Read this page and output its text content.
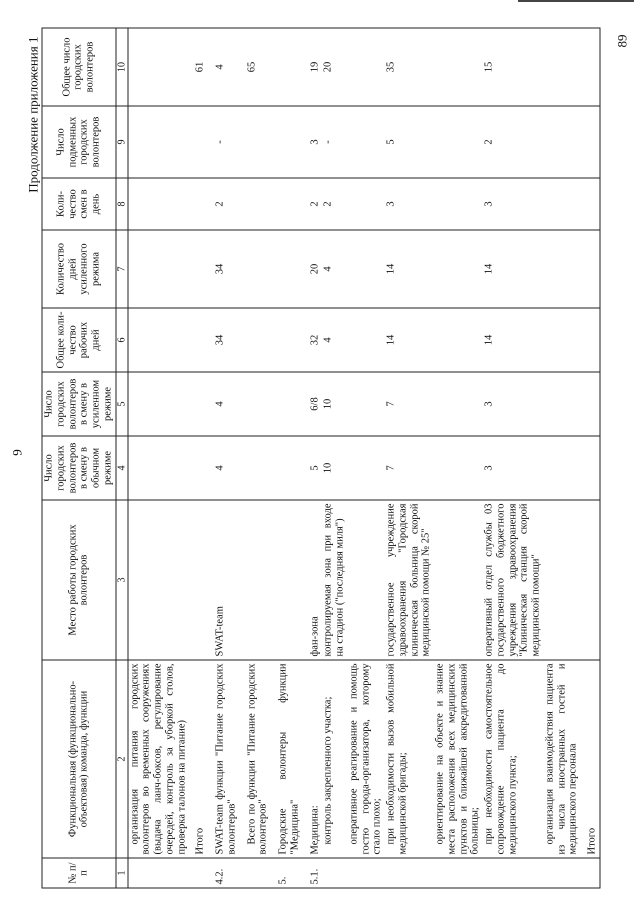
9
Продолжение приложения 1
№ п/п	Функциональная (функционально-объектовая) команда, функции	Место работы городских волонтеров	Число городских волонтеров в смену в обычном режиме	Число городских волонтеров в смену в усиленном режиме	Общее коли-чество рабочих дней	Количество дней усиленного режима	Коли-чество смен в день	Число подменных городских волонтеров	Общее число городских волонтеров
1	2	3	4	5	6	7	8	9	10
	организация питания городских волонтеров во временных сооружениях (выдача ланч-боксов, регулирование очередей, контроль за уборкой столов, проверка талонов на питание)								
	Итого								61

4.2.	SWAT-team функции "Питание городских волонтеров"	SWAT-team	4	4	34	34	2	-	4

	Всего по функции "Питание городских волонтеров"								65

5.	Городские волонтеры функции "Медицина"								

5.1.	Медицина:	фан-зона	5	6/8	32	20	2	3	19
	контроль закрепленного участка;	контролируемая зона при входе на стадион ("последняя миля")	10	10	4	4	2	-	20
	оперативное реагирование и помощь гостю города-организатора, которому стало плохо;								
	при необходимости вызов мобильной медицинской бригады;	государственное учреждение здравоохранения "Городская клиническая больница скорой медицинской помощи № 25"	7	7	14	14	3	5	35
	ориентирование на объекте и знание места расположения всех медицинских пунктов и ближайшей аккредитованной больницы;								
	при необходимости самостоятельное сопровождение пациента до медицинского пункта;	оперативный отдел службы 03 государственного бюджетного учреждения здравоохранения "Клиническая станция скорой медицинской помощи"	3	3	14	14	3	2	15
	организация взаимодействия пациента из числа иностранных гостей и медицинского персонала								
	Итого								
89
